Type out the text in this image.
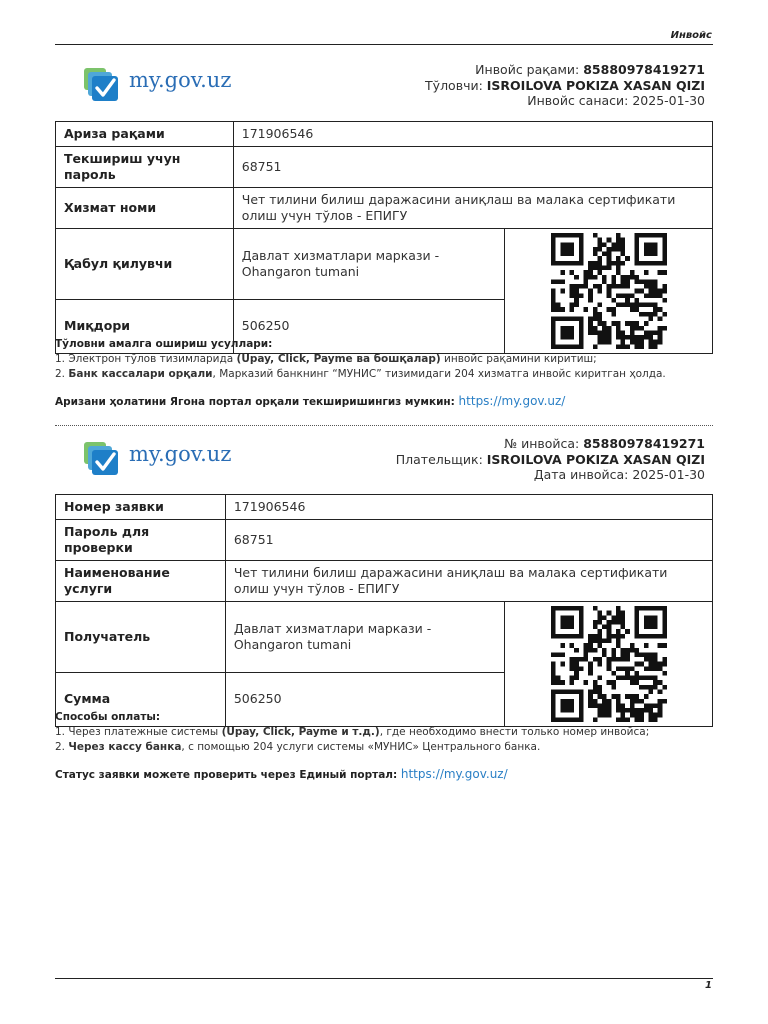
Инвойс
my.gov.uz	Инвойс рақами: 85880978419271
Тўловчи: ISROILOVA POKIZA XASAN QIZI
Инвойс санаси: 2025-01-30
Ариза рақами	171906546	
Текшириш учун пароль	68751	
Хизмат номи	Чет тилини билиш даражасини аниқлаш ва малака сертификати олиш учун тўлов - ЕПИГУ	
Қабул қилувчи	Давлат хизматлари маркази - Ohangaron tumani	

Миқдори	506250	
Тўловни амалга ошириш усуллари:
1. Электрон тўлов тизимларида (Upay, Click, Payme ва бошқалар) инвойс рақамини киритиш;
2. Банк кассалари орқали, Марказий банкнинг “МУНИС” тизимидаги 204 хизматга инвойс киритган ҳолда.
Аризани ҳолатини Ягона портал орқали текширишингиз мумкин: https://my.gov.uz/
my.gov.uz	№ инвойса: 85880978419271
Плательщик: ISROILOVA POKIZA XASAN QIZI
Дата инвойса: 2025-01-30
Номер заявки	171906546	
Пароль для проверки	68751	
Наименование услуги	Чет тилини билиш даражасини аниқлаш ва малака сертификати олиш учун тўлов - ЕПИГУ	
Получатель	Давлат хизматлари маркази - Ohangaron tumani	

Сумма	506250	
Способы оплаты:
1. Через платежные системы (Upay, Click, Payme и т.д.), где необходимо внести только номер инвойса;
2. Через кассу банка, с помощью 204 услуги системы «МУНИС» Центрального банка.
Статус заявки можете проверить через Единый портал: https://my.gov.uz/
1
